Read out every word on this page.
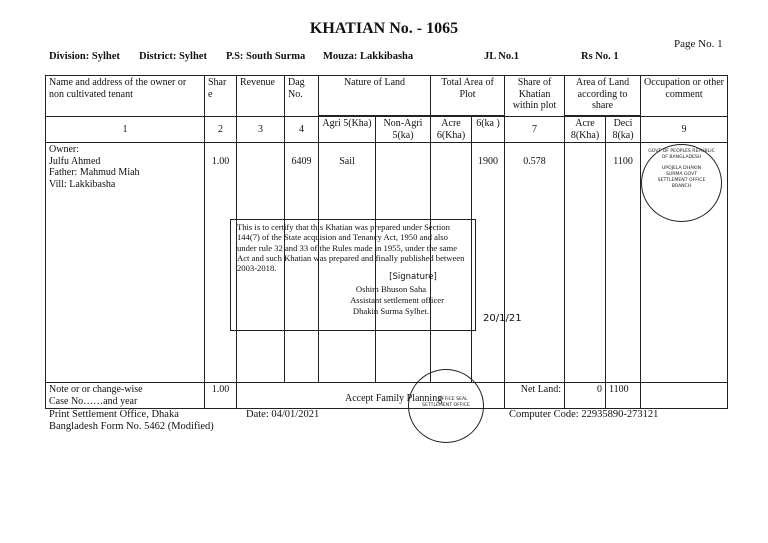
KHATIAN No. - 1065
Page No. 1
Division: Sylhet District: Sylhet P.S: South Surma Mouza: Lakkibasha	JL No.1	Rs No. 1
Name and address of the owner or non cultivated tenant	Shar e	Revenue	Dag No.	Nature of Land		Total Area of Plot		Share of Khatian within plot	Area of Land according to share		Occupation or other comment

1	2	3	4	Agri 5(Kha)	Non-Agri 5(ka)	Acre 6(Kha)	6(ka )	7	Acre 8(Kha)	Deci 8(ka)	9

Owner:
Julfu Ahmed
Father: Mahmud Miah
Vill: Lakkibasha	1.00		6409	Sail			1900	0.578		1100	

Note or or change-wise
Case No……and year	1.00	Accept Family Planning						Net Land:	0	1100	
This is to certify that this Khatian was prepared under Section 144(7) of the State acquision and Tenancy Act, 1950 and also under rule 32 and 33 of the Rules made in 1955, under the same Act and such Khatian was prepared and finally published between 2003-2018.
[Signature]
Oshim Bhuson Saha
Assistant settlement officer
Dhakin Surma Sylhet.
20/1/21
GOVT OF PEOPLES REPUBLIC OF BANGLADESH
UPOJELA DHAKIN SURMA GOVT SETTLEMENT OFFICE BRANCH
OFFICE SEAL
SETTLEMENT OFFICE
Print Settlement Office, Dhaka	Date: 04/01/2021	Computer Code: 22935890-273121
Bangladesh Form No. 5462 (Modified)
